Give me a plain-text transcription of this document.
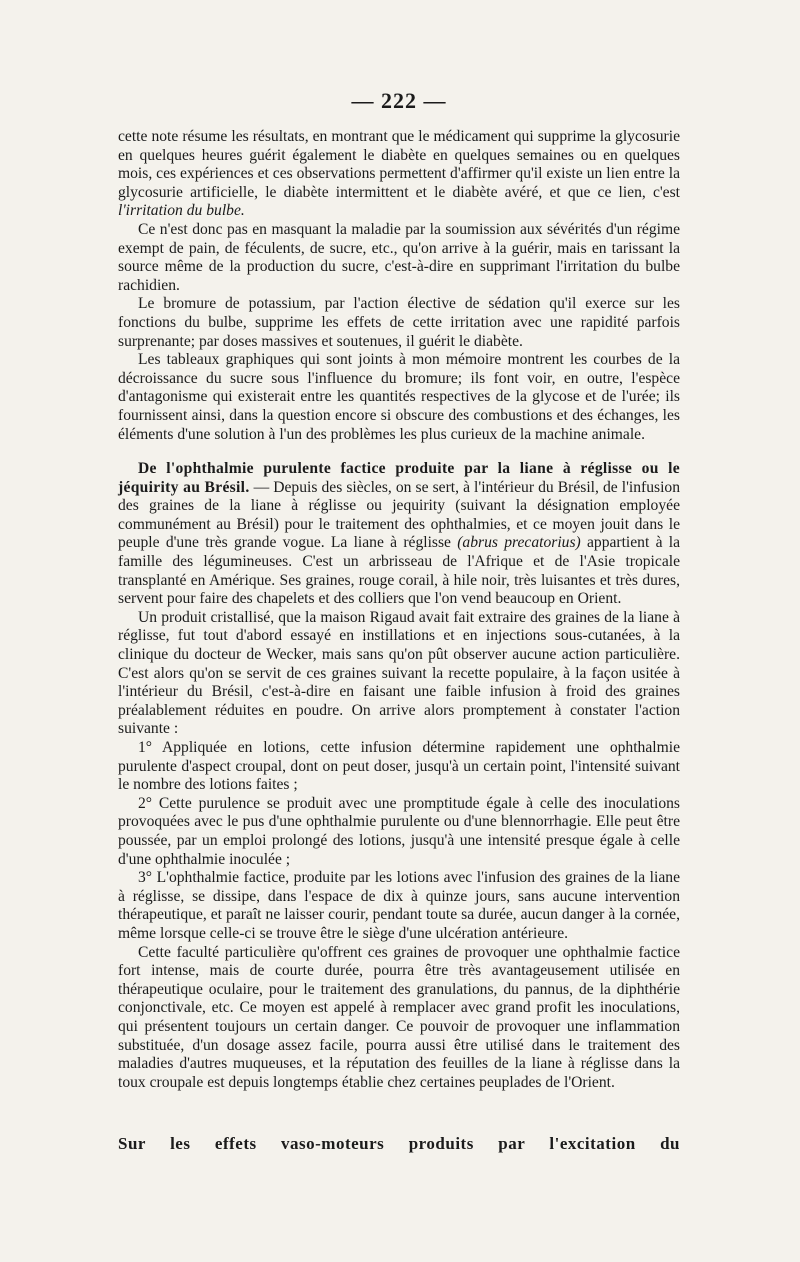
— 222 —

cette note résume les résultats, en montrant que le médicament qui supprime la glycosurie en quelques heures guérit également le diabète en quelques semaines ou en quelques mois, ces expériences et ces observations permettent d'affirmer qu'il existe un lien entre la glycosurie artificielle, le diabète intermittent et le diabète avéré, et que ce lien, c'est l'irritation du bulbe.

Ce n'est donc pas en masquant la maladie par la soumission aux sévérités d'un régime exempt de pain, de féculents, de sucre, etc., qu'on arrive à la guérir, mais en tarissant la source même de la production du sucre, c'est-à-dire en supprimant l'irritation du bulbe rachidien.

Le bromure de potassium, par l'action élective de sédation qu'il exerce sur les fonctions du bulbe, supprime les effets de cette irritation avec une rapidité parfois surprenante; par doses massives et soutenues, il guérit le diabète.

Les tableaux graphiques qui sont joints à mon mémoire montrent les courbes de la décroissance du sucre sous l'influence du bromure; ils font voir, en outre, l'espèce d'antagonisme qui existerait entre les quantités respectives de la glycose et de l'urée; ils fournissent ainsi, dans la question encore si obscure des combustions et des échanges, les éléments d'une solution à l'un des problèmes les plus curieux de la machine animale.

De l'ophthalmie purulente factice produite par la liane à réglisse ou le jéquirity au Brésil. — Depuis des siècles, on se sert, à l'intérieur du Brésil, de l'infusion des graines de la liane à réglisse ou jequirity (suivant la désignation employée communément au Brésil) pour le traitement des ophthalmies, et ce moyen jouit dans le peuple d'une très grande vogue. La liane à réglisse (abrus precatorius) appartient à la famille des légumineuses. C'est un arbrisseau de l'Afrique et de l'Asie tropicale transplanté en Amérique. Ses graines, rouge corail, à hile noir, très luisantes et très dures, servent pour faire des chapelets et des colliers que l'on vend beaucoup en Orient.

Un produit cristallisé, que la maison Rigaud avait fait extraire des graines de la liane à réglisse, fut tout d'abord essayé en instillations et en injections sous-cutanées, à la clinique du docteur de Wecker, mais sans qu'on pût observer aucune action particulière. C'est alors qu'on se servit de ces graines suivant la recette populaire, à la façon usitée à l'intérieur du Brésil, c'est-à-dire en faisant une faible infusion à froid des graines préalablement réduites en poudre. On arrive alors promptement à constater l'action suivante :

1° Appliquée en lotions, cette infusion détermine rapidement une ophthalmie purulente d'aspect croupal, dont on peut doser, jusqu'à un certain point, l'intensité suivant le nombre des lotions faites ;

2° Cette purulence se produit avec une promptitude égale à celle des inoculations provoquées avec le pus d'une ophthalmie purulente ou d'une blennorrhagie. Elle peut être poussée, par un emploi prolongé des lotions, jusqu'à une intensité presque égale à celle d'une ophthalmie inoculée ;

3° L'ophthalmie factice, produite par les lotions avec l'infusion des graines de la liane à réglisse, se dissipe, dans l'espace de dix à quinze jours, sans aucune intervention thérapeutique, et paraît ne laisser courir, pendant toute sa durée, aucun danger à la cornée, même lorsque celle-ci se trouve être le siège d'une ulcération antérieure.

Cette faculté particulière qu'offrent ces graines de provoquer une ophthalmie factice fort intense, mais de courte durée, pourra être très avantageusement utilisée en thérapeutique oculaire, pour le traitement des granulations, du pannus, de la diphthérie conjonctivale, etc. Ce moyen est appelé à remplacer avec grand profit les inoculations, qui présentent toujours un certain danger. Ce pouvoir de provoquer une inflammation substituée, d'un dosage assez facile, pourra aussi être utilisé dans le traitement des maladies d'autres muqueuses, et la réputation des feuilles de la liane à réglisse dans la toux croupale est depuis longtemps établie chez certaines peuplades de l'Orient.

Sur les effets vaso-moteurs produits par l'excitation du
